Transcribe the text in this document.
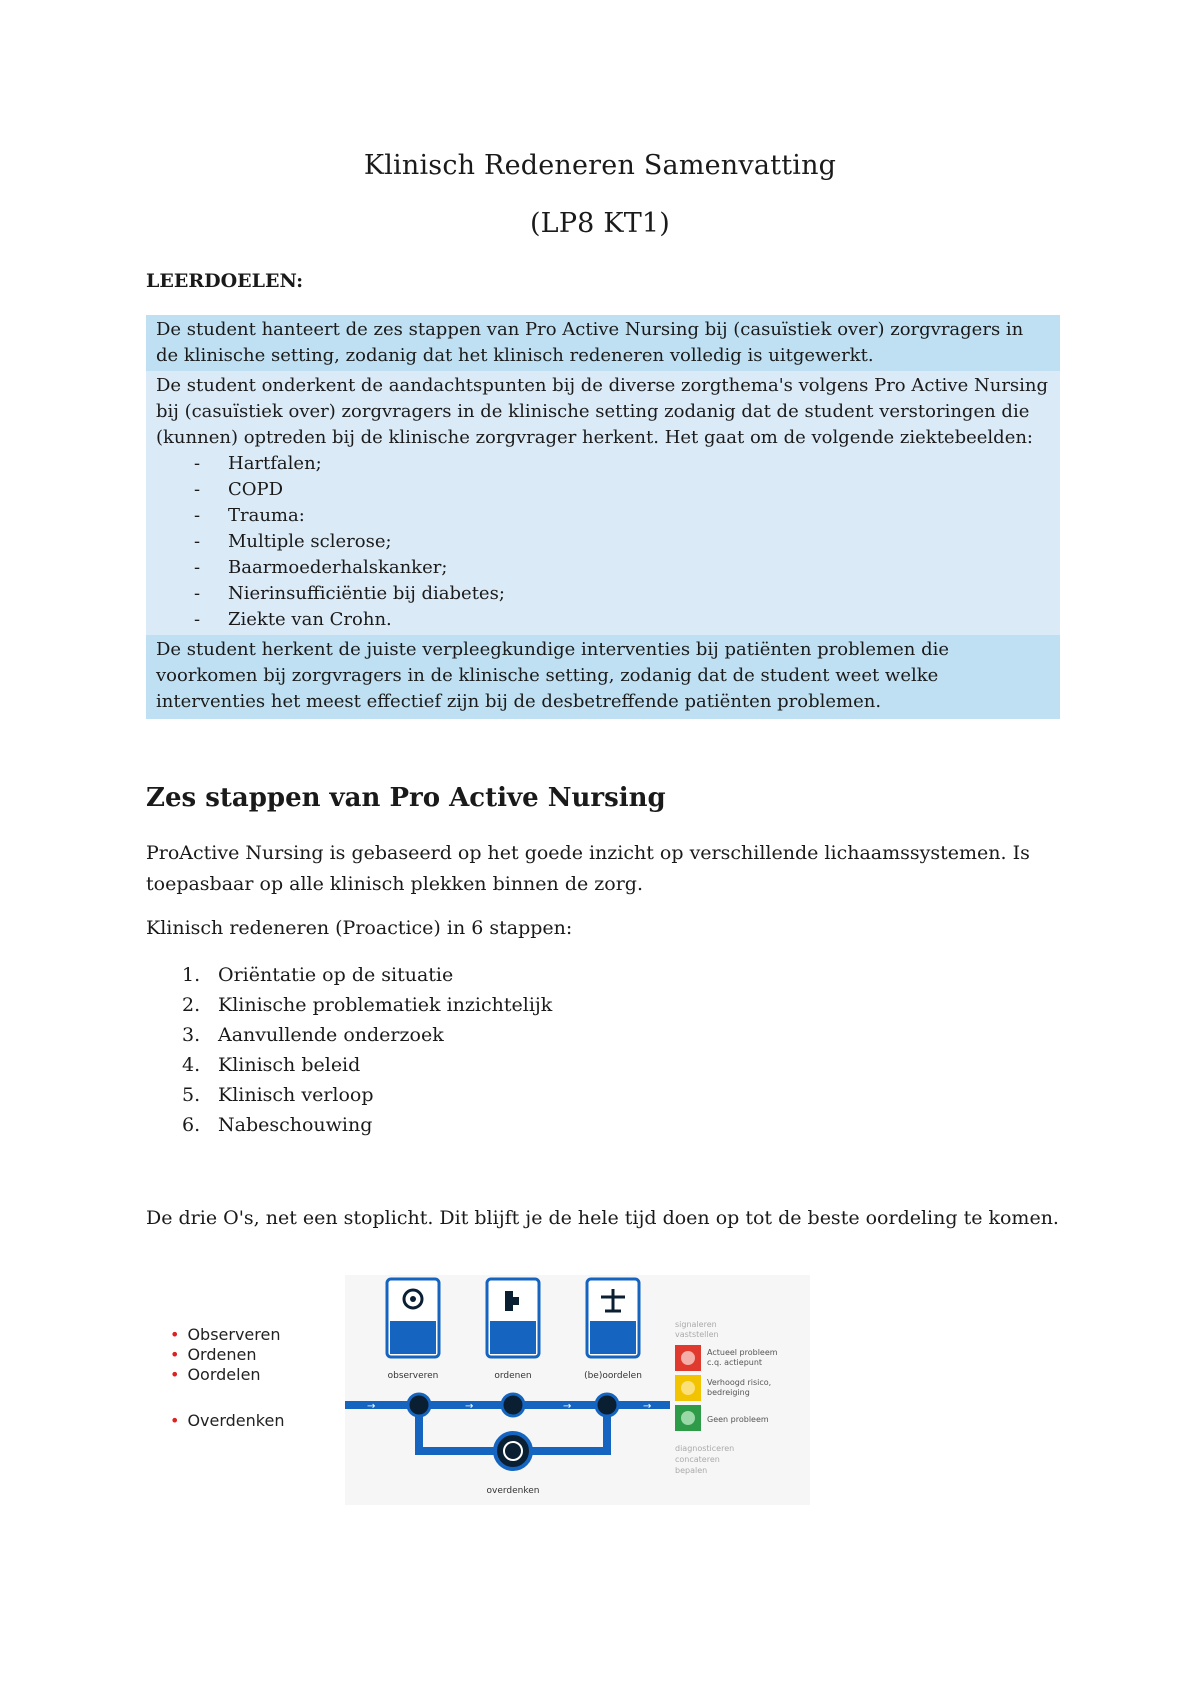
Klinisch Redeneren Samenvatting
(LP8 KT1)
LEERDOELEN:
De student hanteert de zes stappen van Pro Active Nursing bij (casuïstiek over) zorgvragers in de klinische setting, zodanig dat het klinisch redeneren volledig is uitgewerkt.
De student onderkent de aandachtspunten bij de diverse zorgthema's volgens Pro Active Nursing bij (casuïstiek over) zorgvragers in de klinische setting zodanig dat de student verstoringen die (kunnen) optreden bij de klinische zorgvrager herkent. Het gaat om de volgende ziektebeelden:
- Hartfalen;
- COPD
- Trauma:
- Multiple sclerose;
- Baarmoederhalskanker;
- Nierinsufficiëntie bij diabetes;
- Ziekte van Crohn.
De student herkent de juiste verpleegkundige interventies bij patiënten problemen die voorkomen bij zorgvragers in de klinische setting, zodanig dat de student weet welke interventies het meest effectief zijn bij de desbetreffende patiënten problemen.
Zes stappen van Pro Active Nursing
ProActive Nursing is gebaseerd op het goede inzicht op verschillende lichaamssystemen. Is toepasbaar op alle klinisch plekken binnen de zorg.
Klinisch redeneren (Proactice) in 6 stappen:
1. Oriëntatie op de situatie
2. Klinische problematiek inzichtelijk
3. Aanvullende onderzoek
4. Klinisch beleid
5. Klinisch verloop
6. Nabeschouwing
De drie O's, net een stoplicht. Dit blijft je de hele tijd doen op tot de beste oordeling te komen.
• Observeren
• Ordenen
• Oordelen
• Overdenken
observeren	ordenen	(be)oordelen
→	→	→	→
overdenken
signaleren
vaststellen
Actueel probleem
c.q. actiepunt
Verhoogd risico,
bedreiging
Geen probleem
diagnosticeren
concateren
bepalen
